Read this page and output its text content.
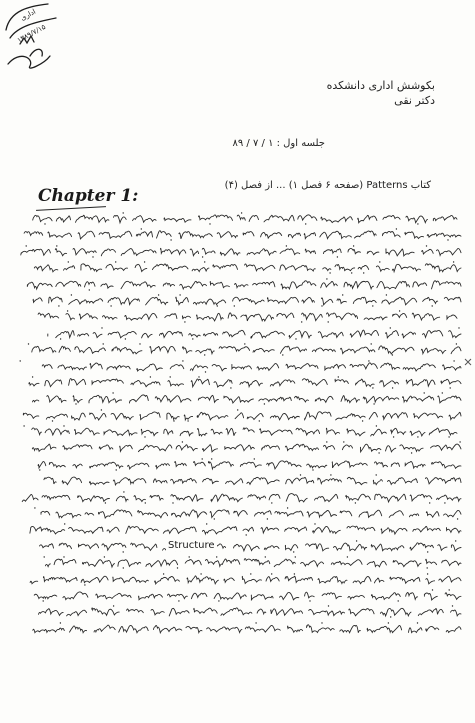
اداری
۱۳۸۹/۷/۱۵
بکوشش اداری دانشکده
دکتر نقی
جلسه اول : ۱ / ۷ / ۸۹
کتاب Patterns (صفحه ۶ فصل ۱) ... از فصل (۴)
Chapter 1:
Structure
